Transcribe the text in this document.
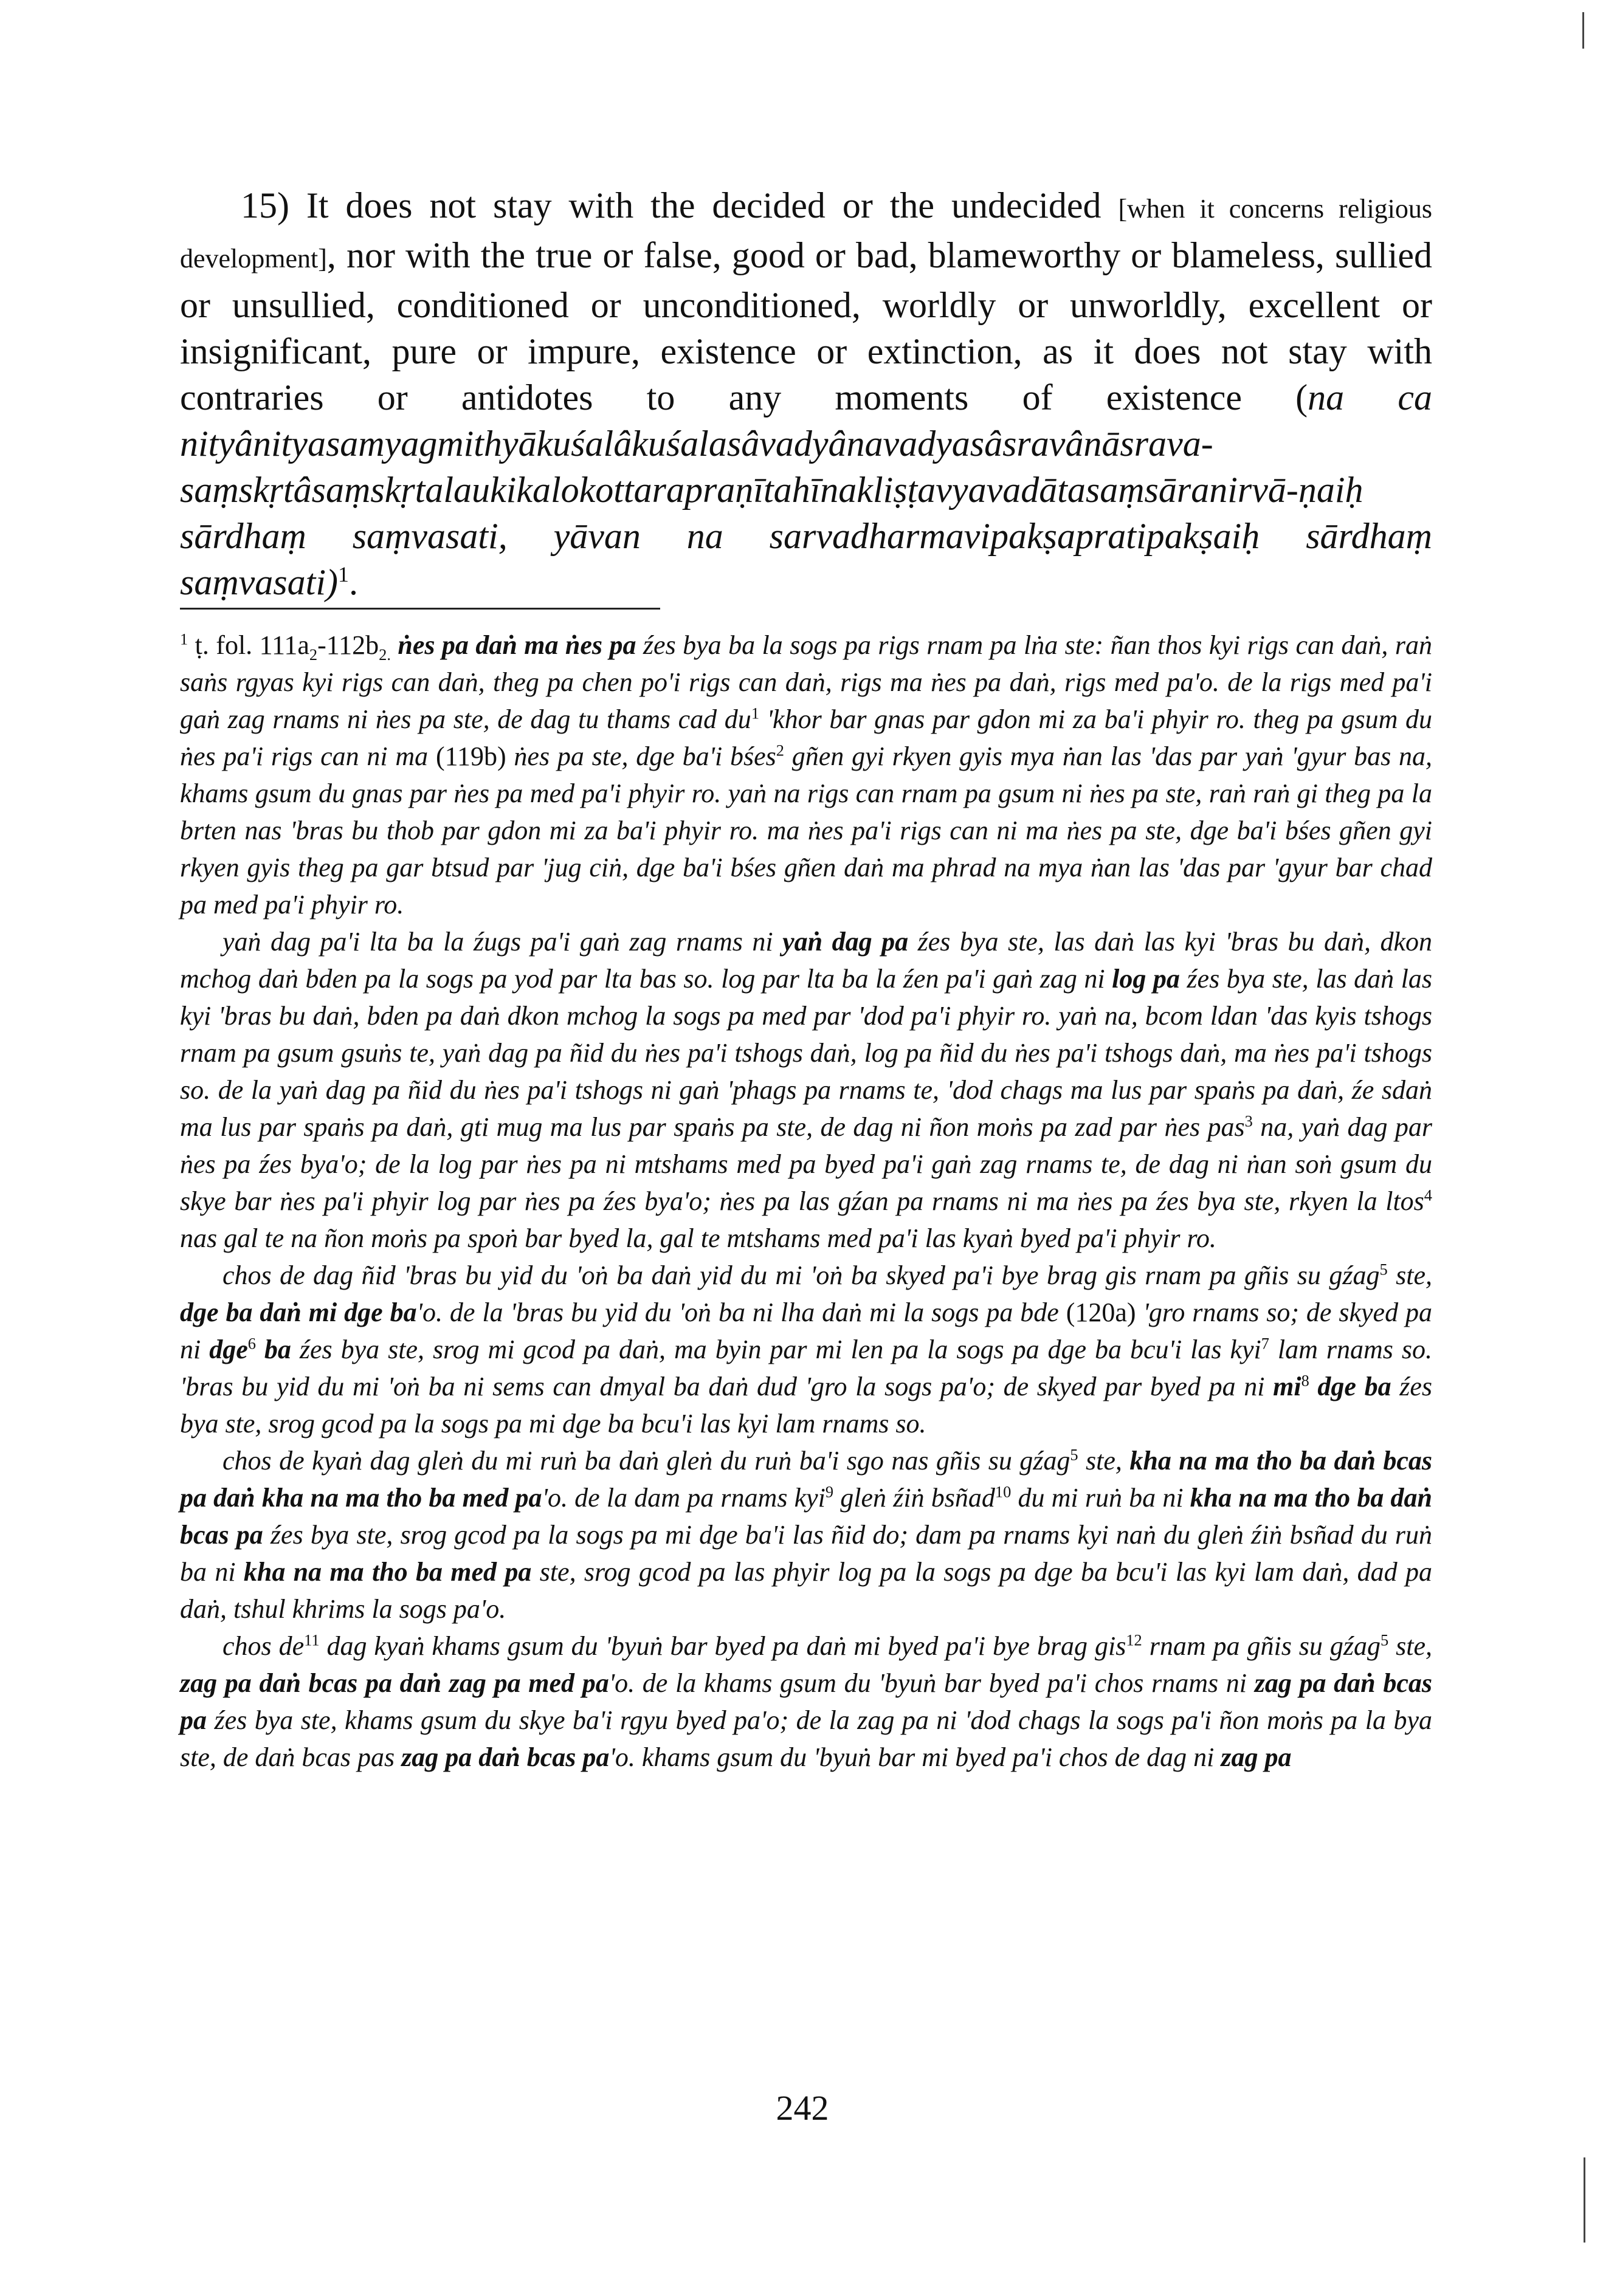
15) It does not stay with the decided or the undecided [when it concerns religious development], nor with the true or false, good or bad, blameworthy or blameless, sullied or unsullied, conditioned or unconditioned, worldly or unworldly, excellent or insignificant, pure or impure, existence or extinction, as it does not stay with contraries or antidotes to any moments of existence (na ca nityânityasamyagmithyākuśalâkuśalasâvadyânavadyasâsravânāsrava-saṃskṛtâsaṃskṛtalaukikalokottarapraṇītahīnakliṣṭavyavadātasaṃsāranirvā-ṇaiḥ sārdhaṃ saṃvasati, yāvan na sarvadharmavipakṣapratipakṣaiḥ sārdhaṃ saṃvasati)$^1$.

$^1$ ṭ. fol. $111a_2-112b_{2.}$ ṅes pa daṅ ma ṅes pa źes bya ba la sogs pa rigs rnam pa lṅa ste: ñan thos kyi rigs can daṅ, raṅ saṅs rgyas kyi rigs can daṅ, theg pa chen po'i rigs can daṅ, rigs ma ṅes pa daṅ, rigs med pa'o. de la rigs med pa'i gaṅ zag rnams ni ṅes pa ste, de dag tu thams cad $du^1$ 'khor bar gnas par gdon mi za ba'i phyir ro. theg pa gsum du ṅes pa'i rigs can ni ma (119b) ṅes pa ste, dge ba'i bśes$^2$ gñen gyi rkyen gyis mya ṅan las 'das par yaṅ 'gyur bas na, khams gsum du gnas par ṅes pa med pa'i phyir ro. yaṅ na rigs can rnam pa gsum ni ṅes pa ste, raṅ raṅ gi theg pa la brten nas 'bras bu thob par gdon mi za ba'i phyir ro. ma ṅes pa'i rigs can ni ma ṅes pa ste, dge ba'i bśes gñen gyi rkyen gyis theg pa gar btsud par 'jug ciṅ, dge ba'i bśes gñen daṅ ma phrad na mya ṅan las 'das par 'gyur bar chad pa med pa'i phyir ro.

yaṅ dag pa'i lta ba la źugs pa'i gaṅ zag rnams ni yaṅ dag pa źes bya ste, las daṅ las kyi 'bras bu daṅ, dkon mchog daṅ bden pa la sogs pa yod par lta bas so. log par lta ba la źen pa'i gaṅ zag ni log pa źes bya ste, las daṅ las kyi 'bras bu daṅ, bden pa daṅ dkon mchog la sogs pa med par 'dod pa'i phyir ro. yaṅ na, bcom ldan 'das kyis tshogs rnam pa gsum gsuṅs te, yaṅ dag pa ñid du ṅes pa'i tshogs daṅ, log pa ñid du ṅes pa'i tshogs daṅ, ma ṅes pa'i tshogs so. de la yaṅ dag pa ñid du ṅes pa'i tshogs ni gaṅ 'phags pa rnams te, 'dod chags ma lus par spaṅs pa daṅ, źe sdaṅ ma lus par spaṅs pa daṅ, gti mug ma lus par spaṅs pa ste, de dag ni ñon moṅs pa zad par ṅes pas$^3$ na, yaṅ dag par ṅes pa źes bya'o; de la log par ṅes pa ni mtshams med pa byed pa'i gaṅ zag rnams te, de dag ni ṅan soṅ gsum du skye bar ṅes pa'i phyir log par ṅes pa źes bya'o; ṅes pa las gźan pa rnams ni ma ṅes pa źes bya ste, rkyen la ltos$^4$ nas gal te na ñon moṅs pa spoṅ bar byed la, gal te mtshams med pa'i las kyaṅ byed pa'i phyir ro.

chos de dag ñid 'bras bu yid du 'oṅ ba daṅ yid du mi 'oṅ ba skyed pa'i bye brag gis rnam pa gñis su gźag$^5$ ste, dge ba daṅ mi dge ba'o. de la 'bras bu yid du 'oṅ ba ni lha daṅ mi la sogs pa bde (120a) 'gro rnams so; de skyed pa ni dge$^6$ ba źes bya ste, srog mi gcod pa daṅ, ma byin par mi len pa la sogs pa dge ba bcu'i las kyi$^7$ lam rnams so. 'bras bu yid du mi 'oṅ ba ni sems can dmyal ba daṅ dud 'gro la sogs pa'o; de skyed par byed pa ni $mi^8$ dge ba źes bya ste, srog gcod pa la sogs pa mi dge ba bcu'i las kyi lam rnams so.

chos de kyaṅ dag gleṅ du mi ruṅ ba daṅ gleṅ du ruṅ ba'i sgo nas gñis su gźag$^5$ ste, kha na ma tho ba daṅ bcas pa daṅ kha na ma tho ba med pa'o. de la dam pa rnams kyi$^9$ gleṅ źiṅ bsñad$^{10}$ du mi ruṅ ba ni kha na ma tho ba daṅ bcas pa źes bya ste, srog gcod pa la sogs pa mi dge ba'i las ñid do; dam pa rnams kyi naṅ du gleṅ źiṅ bsñad du ruṅ ba ni kha na ma tho ba med pa ste, srog gcod pa las phyir log pa la sogs pa dge ba bcu'i las kyi lam daṅ, dad pa daṅ, tshul khrims la sogs pa'o.

chos $de^{11}$ dag kyaṅ khams gsum du 'byuṅ bar byed pa daṅ mi byed pa'i bye brag gis$^{12}$ rnam pa gñis su gźag$^5$ ste, zag pa daṅ bcas pa daṅ zag pa med pa'o. de la khams gsum du 'byuṅ bar byed pa'i chos rnams ni zag pa daṅ bcas pa źes bya ste, khams gsum du skye ba'i rgyu byed pa'o; de la zag pa ni 'dod chags la sogs pa'i ñon moṅs pa la bya ste, de daṅ bcas pas zag pa daṅ bcas pa'o. khams gsum du 'byuṅ bar mi byed pa'i chos de dag ni zag pa

242
